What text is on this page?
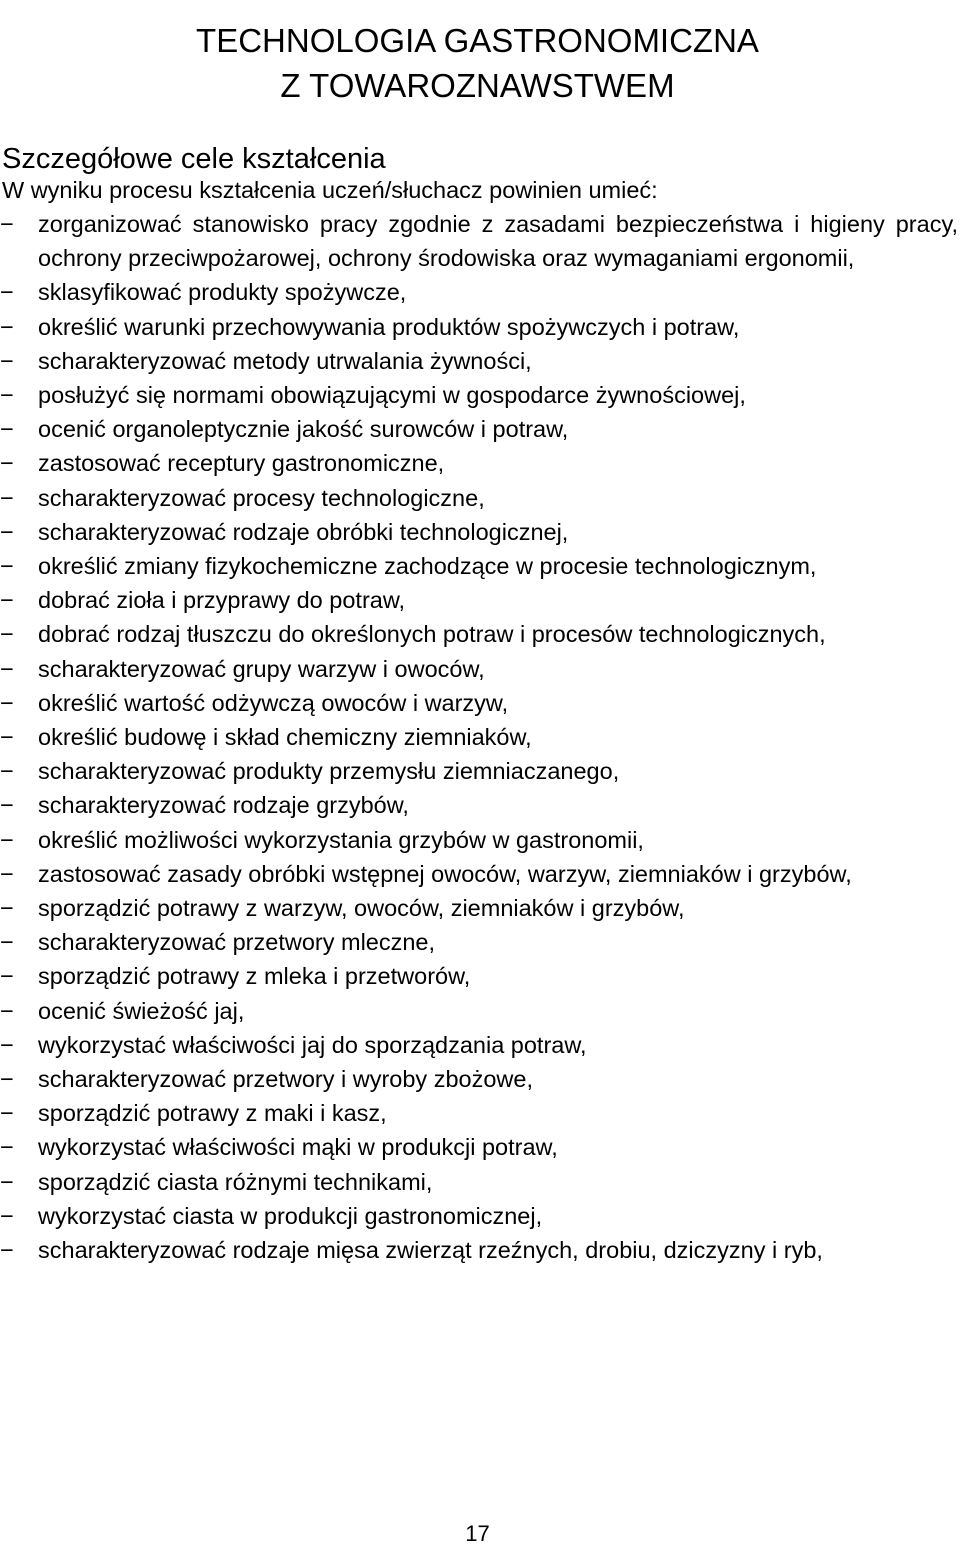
TECHNOLOGIA GASTRONOMICZNA
Z TOWAROZNAWSTWEM
Szczegółowe cele kształcenia
W wyniku procesu kształcenia uczeń/słuchacz powinien umieć:
−	zorganizować stanowisko pracy zgodnie z zasadami bezpieczeństwa i higieny pracy, ochrony przeciwpożarowej, ochrony środowiska oraz wymaganiami ergonomii,
−	sklasyfikować produkty spożywcze,
−	określić warunki przechowywania produktów spożywczych i potraw,
−	scharakteryzować metody utrwalania żywności,
−	posłużyć się normami obowiązującymi w gospodarce żywnościowej,
−	ocenić organoleptycznie jakość surowców i potraw,
−	zastosować receptury gastronomiczne,
−	scharakteryzować procesy technologiczne,
−	scharakteryzować rodzaje obróbki technologicznej,
−	określić zmiany fizykochemiczne zachodzące w procesie technologicznym,
−	dobrać zioła i przyprawy do potraw,
−	dobrać rodzaj tłuszczu do określonych potraw i procesów technologicznych,
−	scharakteryzować grupy warzyw i owoców,
−	określić wartość odżywczą owoców i warzyw,
−	określić budowę i skład chemiczny ziemniaków,
−	scharakteryzować produkty przemysłu ziemniaczanego,
−	scharakteryzować rodzaje grzybów,
−	określić możliwości wykorzystania grzybów w gastronomii,
−	zastosować zasady obróbki wstępnej owoców, warzyw, ziemniaków i grzybów,
−	sporządzić potrawy z warzyw, owoców, ziemniaków i grzybów,
−	scharakteryzować przetwory mleczne,
−	sporządzić potrawy z mleka i przetworów,
−	ocenić świeżość jaj,
−	wykorzystać właściwości jaj do sporządzania potraw,
−	scharakteryzować przetwory i wyroby zbożowe,
−	sporządzić potrawy z maki i kasz,
−	wykorzystać właściwości mąki w produkcji potraw,
−	sporządzić ciasta różnymi technikami,
−	wykorzystać ciasta w produkcji gastronomicznej,
−	scharakteryzować rodzaje mięsa zwierząt rzeźnych, drobiu, dziczyzny i ryb,
17
